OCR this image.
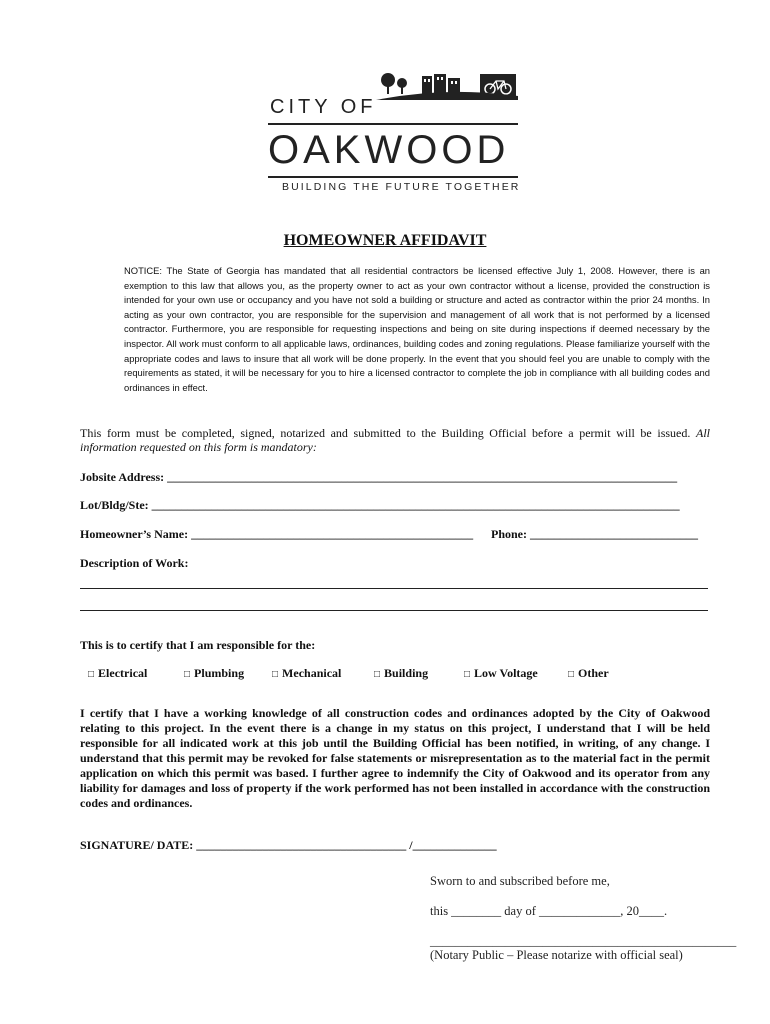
CITY OF
OAKWOOD
BUILDING THE FUTURE TOGETHER
HOMEOWNER AFFIDAVIT
NOTICE: The State of Georgia has mandated that all residential contractors be licensed effective July 1, 2008. However, there is an exemption to this law that allows you, as the property owner to act as your own contractor without a license, provided the construction is intended for your own use or occupancy and you have not sold a building or structure and acted as contractor within the prior 24 months. In acting as your own contractor, you are responsible for the supervision and management of all work that is not performed by a licensed contractor. Furthermore, you are responsible for requesting inspections and being on site during inspections if deemed necessary by the inspector. All work must conform to all applicable laws, ordinances, building codes and zoning regulations. Please familiarize yourself with the appropriate codes and laws to insure that all work will be done properly. In the event that you should feel you are unable to comply with the requirements as stated, it will be necessary for you to hire a licensed contractor to complete the job in compliance with all building codes and ordinances in effect.
This form must be completed, signed, notarized and submitted to the Building Official before a permit will be issued. All information requested on this form is mandatory:
Jobsite Address: _____________________________________________________________________________________
Lot/Bldg/Ste: ________________________________________________________________________________________
Homeowner’s Name: _______________________________________________ Phone: ____________________________
Description of Work:
This is to certify that I am responsible for the:
□ Electrical	□ Plumbing	□ Mechanical	□ Building	□ Low Voltage	□ Other
I certify that I have a working knowledge of all construction codes and ordinances adopted by the City of Oakwood relating to this project. In the event there is a change in my status on this project, I understand that I will be held responsible for all indicated work at this job until the Building Official has been notified, in writing, of any change. I understand that this permit may be revoked for false statements or misrepresentation as to the material fact in the permit application on which this permit was based. I further agree to indemnify the City of Oakwood and its operator from any liability for damages and loss of property if the work performed has not been installed in accordance with the construction codes and ordinances.
SIGNATURE/ DATE: ___________________________________ /______________
Sworn to and subscribed before me,
this ________ day of _____________, 20____.
_________________________________________________
(Notary Public – Please notarize with official seal)
